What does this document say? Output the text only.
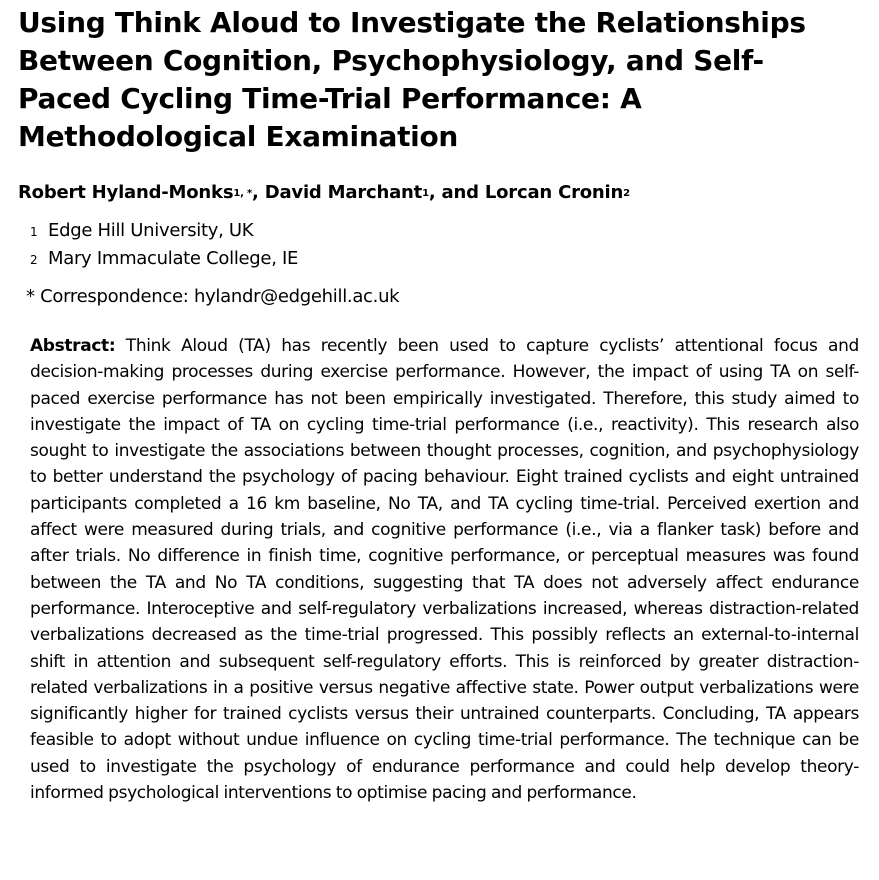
Using Think Aloud to Investigate the Relationships
Between Cognition, Psychophysiology, and Self-
Paced Cycling Time-Trial Performance: A
Methodological Examination
Robert Hyland-Monks$^{1, *}$, David Marchant$^1$, and Lorcan Cronin$^2$
1 Edge Hill University, UK
2 Mary Immaculate College, IE
* Correspondence: hylandr@edgehill.ac.uk

Abstract: Think Aloud (TA) has recently been used to capture cyclists’ attentional focus and decision-making processes during exercise performance. However, the impact of using TA on self-paced exercise performance has not been empirically investigated. Therefore, this study aimed to investigate the impact of TA on cycling time-trial performance (i.e., reactivity). This research also sought to investigate the associations between thought processes, cognition, and psychophysiology to better understand the psychology of pacing behaviour. Eight trained cyclists and eight untrained participants completed a 16 km baseline, No TA, and TA cycling time-trial. Perceived exertion and affect were measured during trials, and cognitive performance (i.e., via a flanker task) before and after trials. No difference in finish time, cognitive performance, or perceptual measures was found between the TA and No TA conditions, suggesting that TA does not adversely affect endurance performance. Interoceptive and self-regulatory verbalizations increased, whereas distraction-related verbalizations decreased as the time-trial progressed. This possibly reflects an external-to-internal shift in attention and subsequent self-regulatory efforts. This is reinforced by greater distraction-related verbalizations in a positive versus negative affective state. Power output verbalizations were significantly higher for trained cyclists versus their untrained counterparts. Concluding, TA appears feasible to adopt without undue influence on cycling time-trial performance. The technique can be used to investigate the psychology of endurance performance and could help develop theory-informed psychological interventions to optimise pacing and performance.
